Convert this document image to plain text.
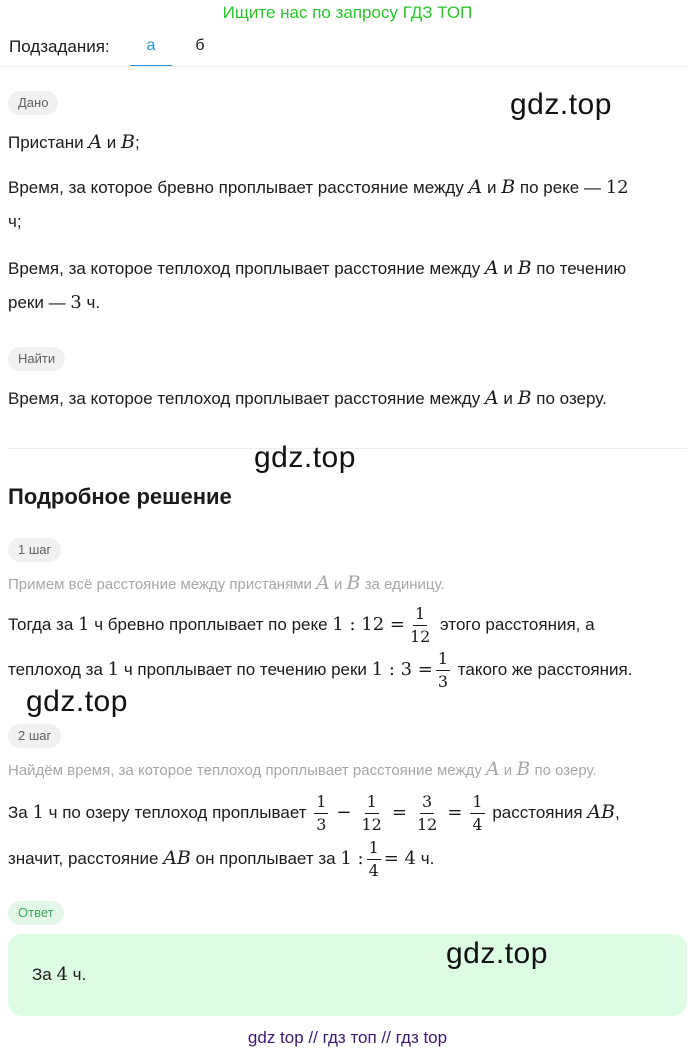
Ищите нас по запросу ГДЗ ТОП
Подзадания:	а	б
Дано	gdz.top
Пристани A и B;
Время, за которое бревно проплывает расстояние между A и B по реке — 12
ч;
Время, за которое теплоход проплывает расстояние между A и B по течению
реки — 3 ч.
Найти
Время, за которое теплоход проплывает расстояние между A и B по озеру.
gdz.top
Подробное решение
1 шаг
Примем всё расстояние между пристанями A и B за единицу.
Тогда за 1 ч бревно проплывает по реке 1 : $12 = \frac{1}{12}$ этого расстояния, а
теплоход за 1 ч проплывает по течению реки 1 : $3 = \frac{1}{3}$ такого же расстояния.
gdz.top
2 шаг
Найдём время, за которое теплоход проплывает расстояние между A и B по озеру.
За 1 ч по озеру теплоход проплывает $\frac{1}{3} - \frac{1}{12} = \frac{3}{12} = \frac{1}{4}$ расстояния AB,
значит, расстояние AB он проплывает за 1 : $\frac{1}{4} = 4$ ч.
Ответ
За 4 ч.
gdz.top
gdz top // гдз топ // гдз top
